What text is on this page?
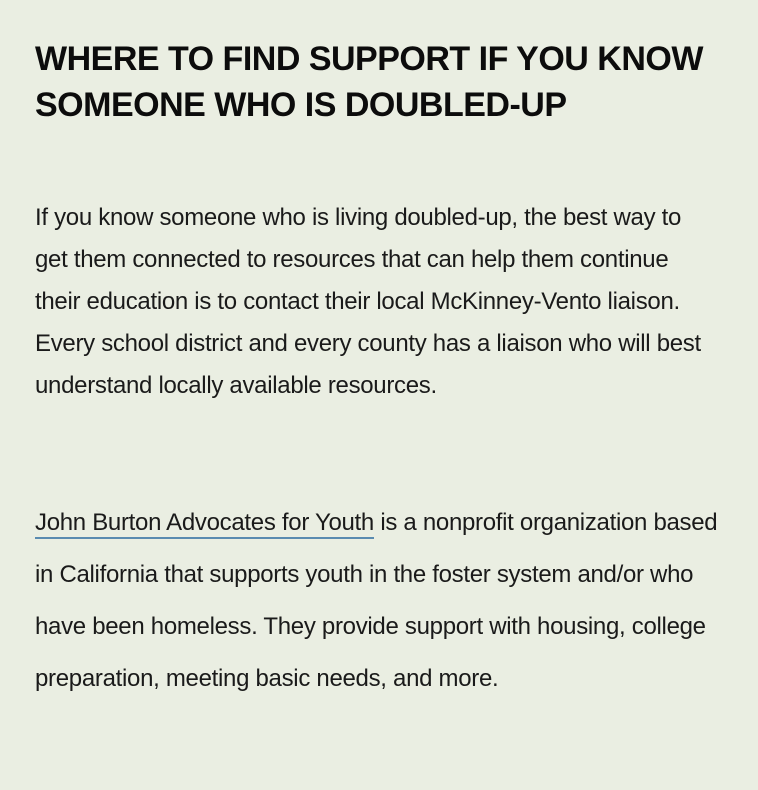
WHERE TO FIND SUPPORT IF YOU KNOW SOMEONE WHO IS DOUBLED-UP

If you know someone who is living doubled-up, the best way to get them connected to resources that can help them continue their education is to contact their local McKinney-Vento liaison. Every school district and every county has a liaison who will best understand locally available resources.

John Burton Advocates for Youth is a nonprofit organization based in California that supports youth in the foster system and/or who have been homeless. They provide support with housing, college preparation, meeting basic needs, and more.
